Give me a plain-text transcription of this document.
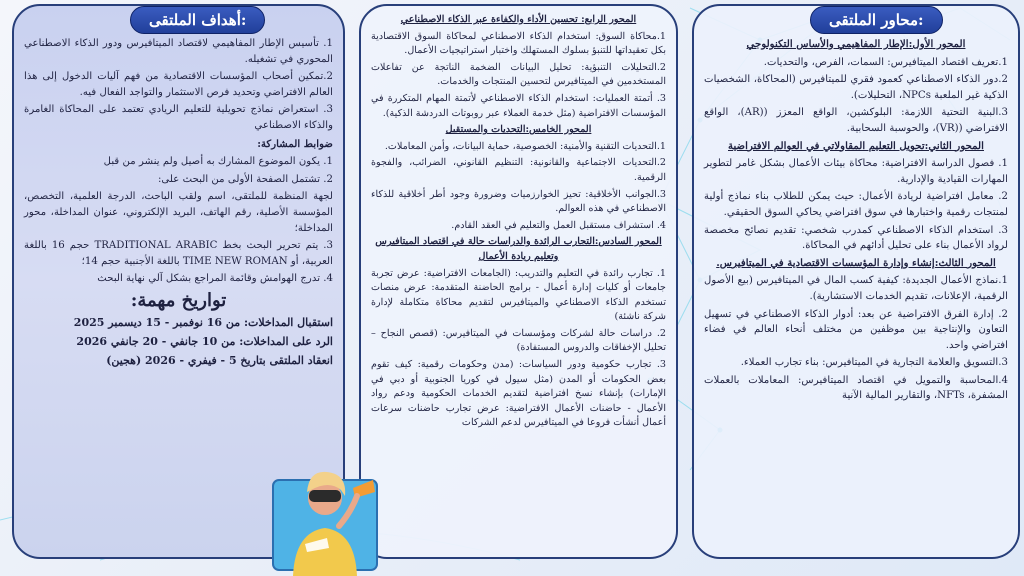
المحور الأول:الإطار المفاهيمي والأساس التكنولوجي
1.تعريف اقتصاد الميتافيرس: السمات، الفرص، والتحديات.
2.دور الذكاء الاصطناعي كعمود فقري للميتافيرس (المحاكاة، الشخصيات الذكية غير الملعبة NPCs، التحليلات).
3.البنية التحتية اللازمة: البلوكشين، الواقع المعزز ((AR)، الواقع الافتراضي ((VR)، والحوسبة السحابية.
المحور الثاني:تحويل التعليم المقاولاتي في العوالم الافتراضية
1. فصول الدراسة الافتراضية: محاكاة بيئات الأعمال بشكل غامر لتطوير المهارات القيادية والإدارية.
2. معامل افتراضية لريادة الأعمال: حيث يمكن للطلاب بناء نماذج أولية لمنتجات رقمية واختبارها في سوق افتراضي يحاكي السوق الحقيقي.
3. استخدام الذكاء الاصطناعي كمدرب شخصي: تقديم نصائح مخصصة لرواد الأعمال بناء على تحليل أدائهم في المحاكاة.
المحور الثالث:إنشاء وإدارة المؤسسات الاقتصادية في الميتافيرس.
1.نماذج الأعمال الجديدة: كيفية كسب المال في الميتافيرس (بيع الأصول الرقمية، الإعلانات، تقديم الخدمات الاستشارية).
2. إدارة الفرق الافتراضية عن بعد: أدوار الذكاء الاصطناعي في تسهيل التعاون والإنتاجية بين موظفين من مختلف أنحاء العالم في فضاء افتراضي واحد.
3.التسويق والعلامة التجارية في الميتافيرس: بناء تجارب العملاء.
4.المحاسبة والتمويل في اقتصاد الميتافيرس: المعاملات بالعملات المشفرة، NFTs، والتقارير المالية الآنية
محاور الملتقى:
المحور الرابع: تحسين الأداء والكفاءة عبر الذكاء الاصطناعي
1.محاكاة السوق: استخدام الذكاء الاصطناعي لمحاكاة السوق الاقتصادية بكل تعقيداتها للتنبؤ بسلوك المستهلك واختبار استراتيجيات الأعمال.
2.التحليلات التنبؤية: تحليل البيانات الضخمة الناتجة عن تفاعلات المستخدمين في الميتافيرس لتحسين المنتجات والخدمات.
3. أتمتة العمليات: استخدام الذكاء الاصطناعي لأتمتة المهام المتكررة في المؤسسات الافتراضية (مثل خدمة العملاء عبر روبوتات الدردشة الذكية).
المحور الخامس:التحديات والمستقبل
1.التحديات التقنية والأمنية: الخصوصية، حماية البيانات، وأمن المعاملات.
2.التحديات الاجتماعية والقانونية: التنظيم القانوني، الضرائب، والفجوة الرقمية.
3.الجوانب الأخلاقية: تحيز الخوارزميات وضرورة وجود أطر أخلاقية للذكاء الاصطناعي في هذه العوالم.
4. استشراف مستقبل العمل والتعليم في العقد القادم.
المحور السادس:التجارب الرائدة والدراسات حالة في اقتصاد الميتافيرس وتعليم ريادة الأعمال
1. تجارب رائدة في التعليم والتدريب: (الجامعات الافتراضية: عرض تجربة جامعات أو كليات إدارة أعمال - برامج الحاضنة المتقدمة: عرض منصات تستخدم الذكاء الاصطناعي والميتافيرس لتقديم محاكاة متكاملة لإدارة شركة ناشئة)
2. دراسات حالة لشركات ومؤسسات في الميتافيرس: (قصص النجاح – تحليل الإخفاقات والدروس المستفادة)
3. تجارب حكومية ودور السياسات: (مدن وحكومات رقمية: كيف تقوم بعض الحكومات أو المدن (مثل سيول في كوريا الجنوبية أو دبي في الإمارات) بإنشاء نسخ افتراضية لتقديم الخدمات الحكومية ودعم رواد الأعمال - حاضنات الأعمال الافتراضية: عرض تجارب حاضنات سرعات أعمال أنشأت فروعا في الميتافيرس لدعم الشركات
1. تأسيس الإطار المفاهيمي لاقتصاد الميتافيرس ودور الذكاء الاصطناعي المحوري في تشغيله.
2.تمكين أصحاب المؤسسات الاقتصادية من فهم آليات الدخول إلى هذا العالم الافتراضي وتحديد فرص الاستثمار والتواجد الفعال فيه.
3. استعراض نماذج تحويلية للتعليم الريادي تعتمد على المحاكاة الغامرة والذكاء الاصطناعي
ضوابط المشاركة:
1. يكون الموضوع المشارك به أصيل ولم ينشر من قبل
2. تشتمل الصفحة الأولى من البحث على:
لجهة المنظمة للملتقى، اسم ولقب الباحث، الدرجة العلمية، التخصص، المؤسسة الأصلية، رقم الهاتف، البريد الإلكتروني، عنوان المداخلة، محور المداخلة؛
3. يتم تحرير البحث بخط TRADITIONAL ARABIC حجم 16 باللغة العربية، أو TIME NEW ROMAN باللغة الأجنبية حجم 14؛
4. تدرج الهوامش وقائمة المراجع بشكل آلي نهاية البحث
تواريخ مهمة:
استقبال المداخلات: من 16 نوفمبر - 15 ديسمبر 2025
الرد على المداخلات: من 10 جانفي - 20 جانفي 2026
انعقاد الملتقى بتاريخ 5 - فيفري - 2026 (هجين)
أهداف الملتقى:
